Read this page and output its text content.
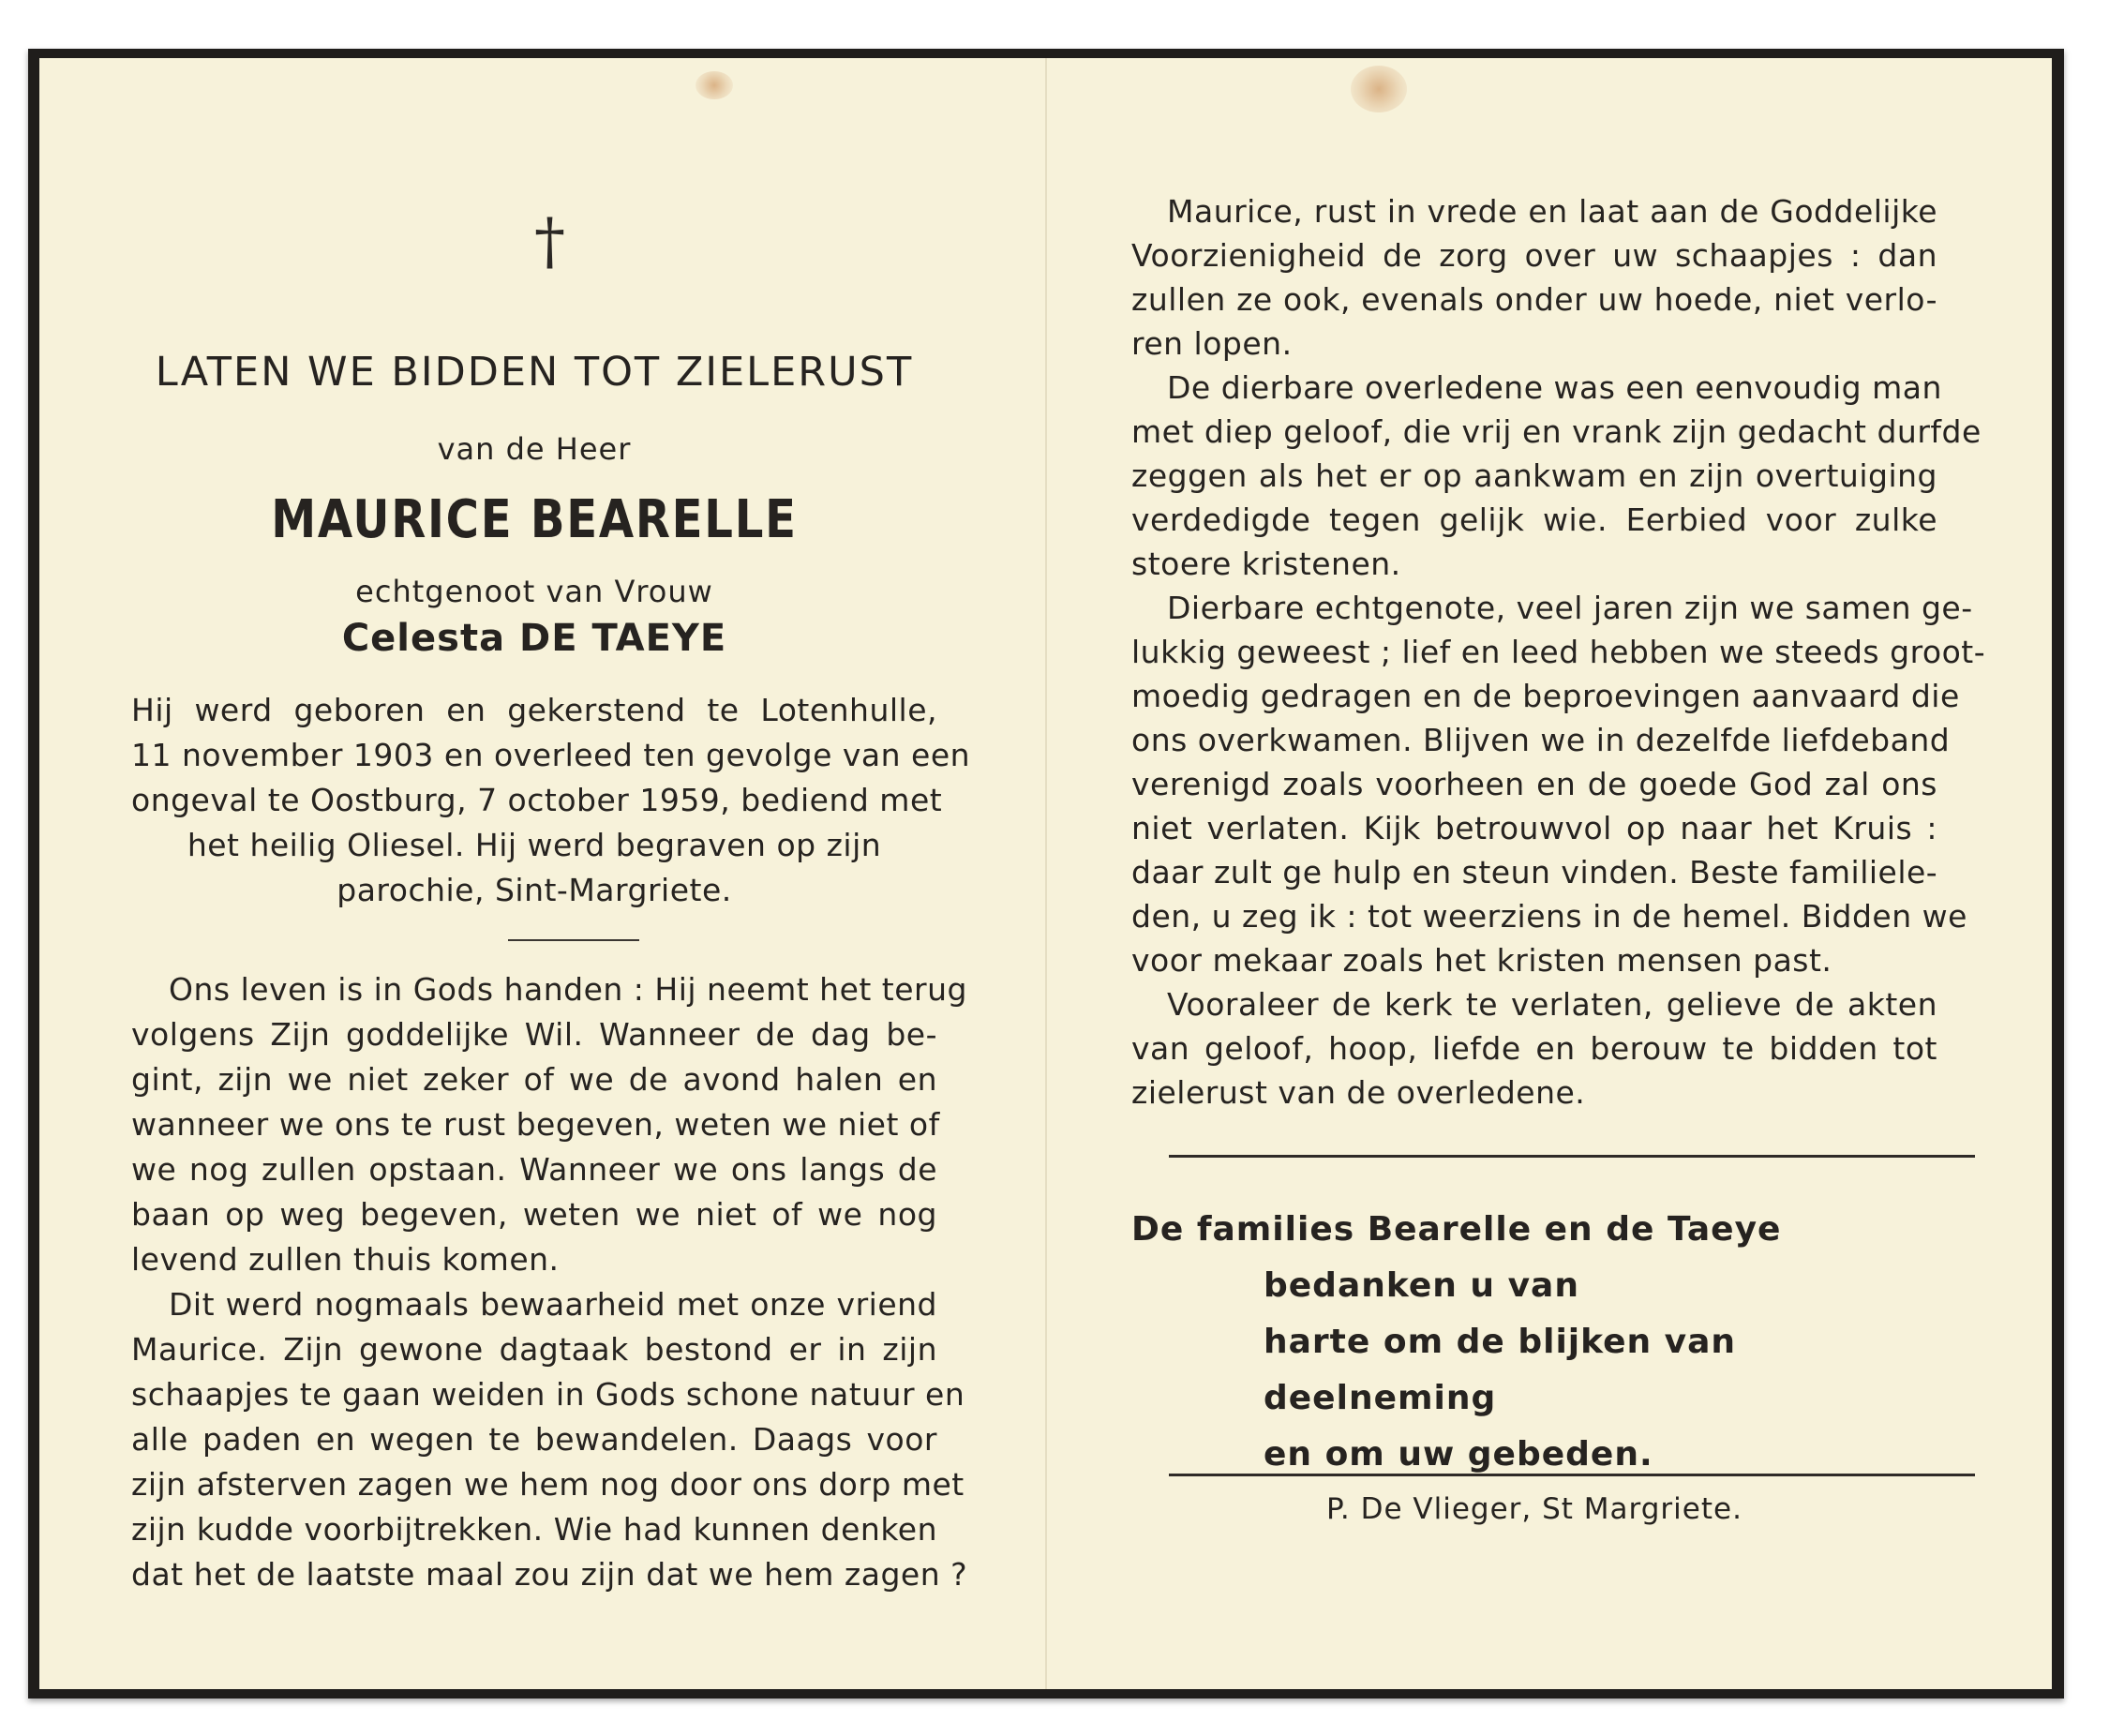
†
LATEN WE BIDDEN TOT ZIELERUST
van de Heer
MAURICE BEARELLE
echtgenoot van Vrouw
Celesta DE TAEYE
Hij werd geboren en gekerstend te Lotenhulle,
11 november 1903 en overleed ten gevolge van een
ongeval te Oostburg, 7 october 1959, bediend met
het heilig Oliesel. Hij werd begraven op zijn
parochie, Sint-Margriete.
Ons leven is in Gods handen : Hij neemt het terug
volgens Zijn goddelijke Wil. Wanneer de dag be-
gint, zijn we niet zeker of we de avond halen en
wanneer we ons te rust begeven, weten we niet of
we nog zullen opstaan. Wanneer we ons langs de
baan op weg begeven, weten we niet of we nog
levend zullen thuis komen.
Dit werd nogmaals bewaarheid met onze vriend
Maurice. Zijn gewone dagtaak bestond er in zijn
schaapjes te gaan weiden in Gods schone natuur en
alle paden en wegen te bewandelen. Daags voor
zijn afsterven zagen we hem nog door ons dorp met
zijn kudde voorbijtrekken. Wie had kunnen denken
dat het de laatste maal zou zijn dat we hem zagen ?
Maurice, rust in vrede en laat aan de Goddelijke
Voorzienigheid de zorg over uw schaapjes : dan
zullen ze ook, evenals onder uw hoede, niet verlo-
ren lopen.
De dierbare overledene was een eenvoudig man
met diep geloof, die vrij en vrank zijn gedacht durfde
zeggen als het er op aankwam en zijn overtuiging
verdedigde tegen gelijk wie. Eerbied voor zulke
stoere kristenen.
Dierbare echtgenote, veel jaren zijn we samen ge-
lukkig geweest ; lief en leed hebben we steeds groot-
moedig gedragen en de beproevingen aanvaard die
ons overkwamen. Blijven we in dezelfde liefdeband
verenigd zoals voorheen en de goede God zal ons
niet verlaten. Kijk betrouwvol op naar het Kruis :
daar zult ge hulp en steun vinden. Beste familiele-
den, u zeg ik : tot weerziens in de hemel. Bidden we
voor mekaar zoals het kristen mensen past.
Vooraleer de kerk te verlaten, gelieve de akten
van geloof, hoop, liefde en berouw te bidden tot
zielerust van de overledene.
De families Bearelle en de Taeye
bedanken u van
harte om de blijken van
deelneming
en om uw gebeden.
P. De Vlieger, St Margriete.
